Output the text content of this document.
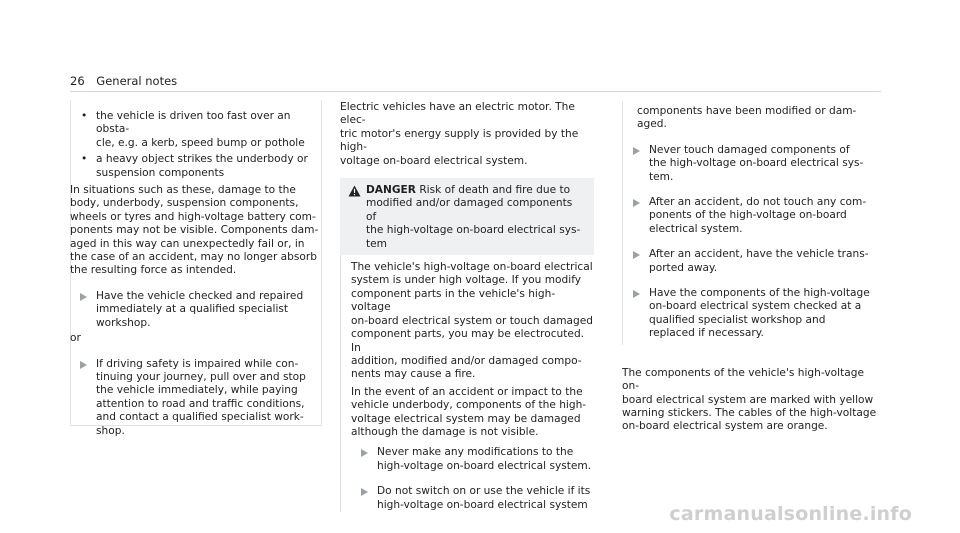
26 General notes
• the vehicle is driven too fast over an obsta-
cle, e.g. a kerb, speed bump or pothole

• a heavy object strikes the underbody or
suspension components

In situations such as these, damage to the
body, underbody, suspension components,
wheels or tyres and high-voltage battery com-
ponents may not be visible. Components dam-
aged in this way can unexpectedly fail or, in
the case of an accident, may no longer absorb
the resulting force as intended.

Have the vehicle checked and repaired
immediately at a qualified specialist
workshop.

or

If driving safety is impaired while con-
tinuing your journey, pull over and stop
the vehicle immediately, while paying
attention to road and traffic conditions,
and contact a qualified specialist work-
shop.

Electric vehicles have an electric motor. The elec-
tric motor's energy supply is provided by the high-
voltage on-board electrical system.

DANGER Risk of death and fire due to
modified and/or damaged components of
the high-voltage on-board electrical sys-
tem

The vehicle's high-voltage on-board electrical
system is under high voltage. If you modify
component parts in the vehicle's high-voltage
on-board electrical system or touch damaged
component parts, you may be electrocuted. In
addition, modified and/or damaged compo-
nents may cause a fire.

In the event of an accident or impact to the
vehicle underbody, components of the high-
voltage electrical system may be damaged
although the damage is not visible.

Never make any modifications to the
high-voltage on-board electrical system.

Do not switch on or use the vehicle if its
high-voltage on-board electrical system

components have been modified or dam-
aged.

Never touch damaged components of
the high-voltage on-board electrical sys-
tem.

After an accident, do not touch any com-
ponents of the high-voltage on-board
electrical system.

After an accident, have the vehicle trans-
ported away.

Have the components of the high-voltage
on-board electrical system checked at a
qualified specialist workshop and
replaced if necessary.

The components of the vehicle's high-voltage on-
board electrical system are marked with yellow
warning stickers. The cables of the high-voltage
on-board electrical system are orange.

carmanualsonline.info
